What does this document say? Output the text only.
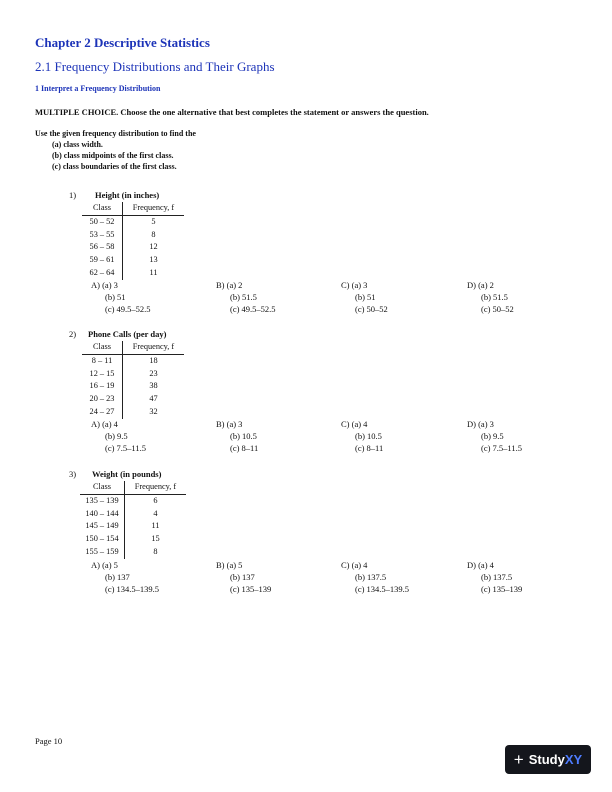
Chapter 2 Descriptive Statistics
2.1 Frequency Distributions and Their Graphs
1 Interpret a Frequency Distribution
MULTIPLE CHOICE. Choose the one alternative that best completes the statement or answers the question.
Use the given frequency distribution to find the
(a) class width.
(b) class midpoints of the first class.
(c) class boundaries of the first class.
1) Height (in inches)
Class	Frequency, f
50 – 52	5
53 – 55	8
56 – 58	12
59 – 61	13
62 – 64	11
A) (a) 3
(b) 51
(c) 49.5–52.5
B) (a) 2
(b) 51.5
(c) 49.5–52.5
C) (a) 3
(b) 51
(c) 50–52
D) (a) 2
(b) 51.5
(c) 50–52
2) Phone Calls (per day)
Class	Frequency, f
8 – 11	18
12 – 15	23
16 – 19	38
20 – 23	47
24 – 27	32
A) (a) 4
(b) 9.5
(c) 7.5–11.5
B) (a) 3
(b) 10.5
(c) 8–11
C) (a) 4
(b) 10.5
(c) 8–11
D) (a) 3
(b) 9.5
(c) 7.5–11.5
3) Weight (in pounds)
Class	Frequency, f
135 – 139	6
140 – 144	4
145 – 149	11
150 – 154	15
155 – 159	8
A) (a) 5
(b) 137
(c) 134.5–139.5
B) (a) 5
(b) 137
(c) 135–139
C) (a) 4
(b) 137.5
(c) 134.5–139.5
D) (a) 4
(b) 137.5
(c) 135–139
Page 10
+ StudyXY
